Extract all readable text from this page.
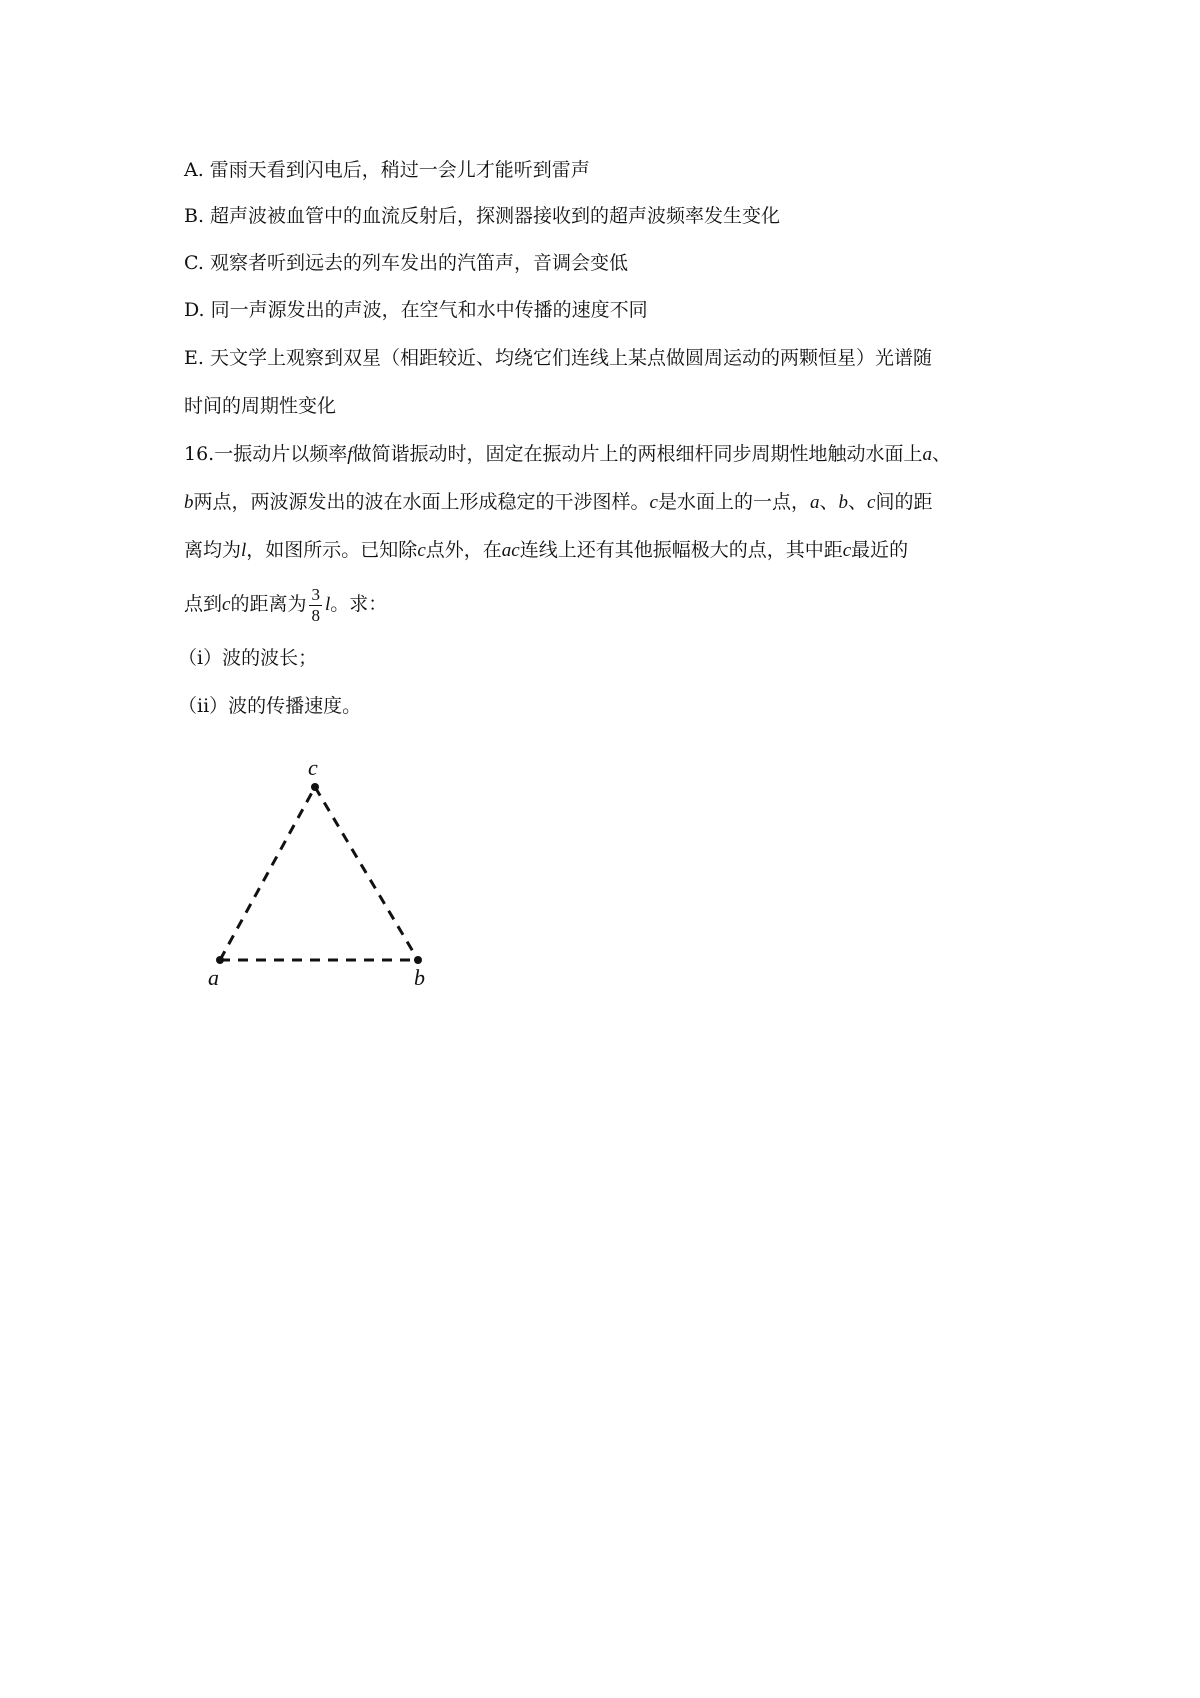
A. 雷雨天看到闪电后，稍过一会儿才能听到雷声
B. 超声波被血管中的血流反射后，探测器接收到的超声波频率发生变化
C. 观察者听到远去的列车发出的汽笛声，音调会变低
D. 同一声源发出的声波，在空气和水中传播的速度不同
E. 天文学上观察到双星（相距较近、均绕它们连线上某点做圆周运动的两颗恒星）光谱随
时间的周期性变化
16.一振动片以频率f做简谐振动时，固定在振动片上的两根细杆同步周期性地触动水面上a、
b两点，两波源发出的波在水面上形成稳定的干涉图样。c是水面上的一点，a、b、c间的距
离均为l，如图所示。已知除c点外，在ac连线上还有其他振幅极大的点，其中距c最近的
点到c的距离为 $\frac{3}{8}$ l。求：
（i）波的波长；
（ii）波的传播速度。
c
a	b
